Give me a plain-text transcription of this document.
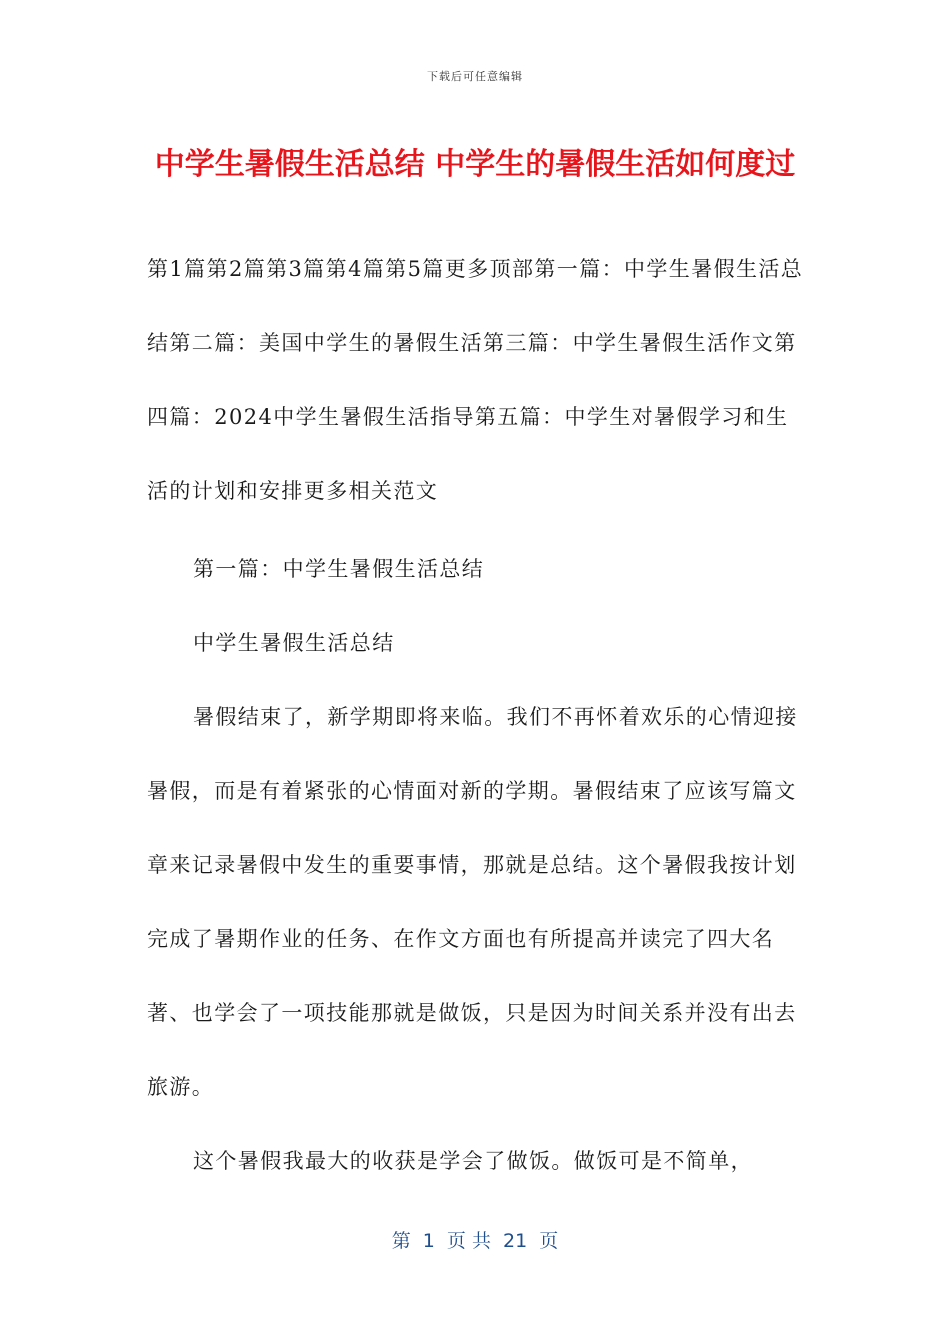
下载后可任意编辑
中学生暑假生活总结 中学生的暑假生活如何度过

第1篇第2篇第3篇第4篇第5篇更多顶部第一篇：中学生暑假生活总结第二篇：美国中学生的暑假生活第三篇：中学生暑假生活作文第四篇：2024中学生暑假生活指导第五篇：中学生对暑假学习和生活的计划和安排更多相关范文

第一篇：中学生暑假生活总结

中学生暑假生活总结

暑假结束了，新学期即将来临。我们不再怀着欢乐的心情迎接暑假，而是有着紧张的心情面对新的学期。暑假结束了应该写篇文章来记录暑假中发生的重要事情，那就是总结。这个暑假我按计划完成了暑期作业的任务、在作文方面也有所提高并读完了四大名著、也学会了一项技能那就是做饭，只是因为时间关系并没有出去旅游。

这个暑假我最大的收获是学会了做饭。做饭可是不简单，

第  1  页 共  21  页
